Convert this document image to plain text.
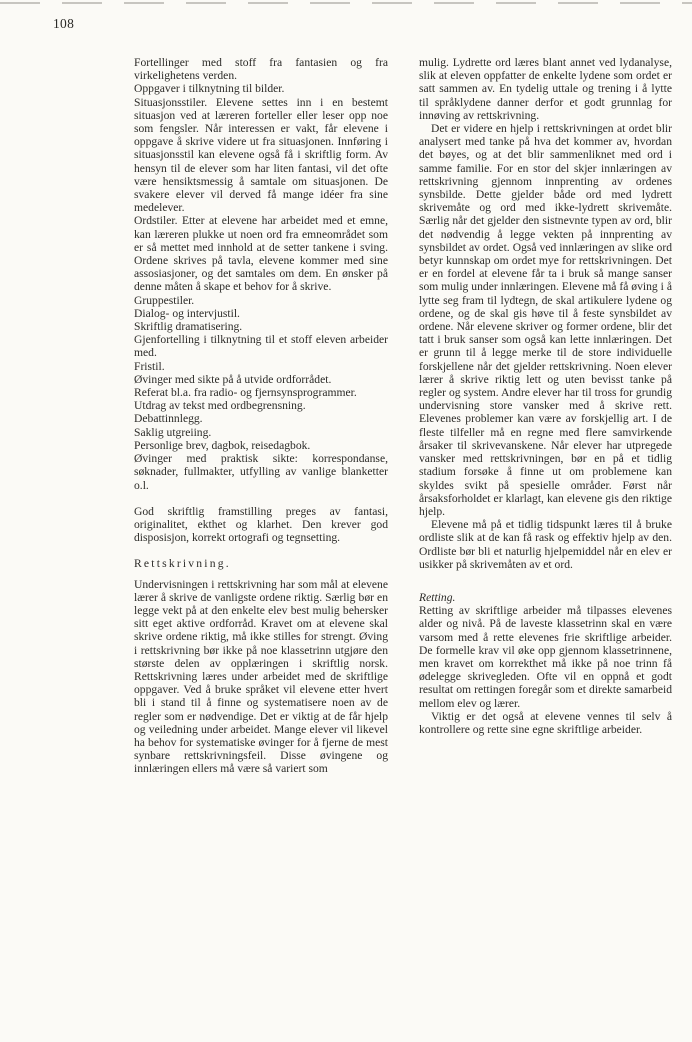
108

Fortellinger med stoff fra fantasien og fra virkelighetens verden.

Oppgaver i tilknytning til bilder.

Situasjonsstiler. Elevene settes inn i en bestemt situasjon ved at læreren forteller eller leser opp noe som fengsler. Når interessen er vakt, får elevene i oppgave å skrive videre ut fra situasjonen. Innføring i situasjonsstil kan elevene også få i skriftlig form. Av hensyn til de elever som har liten fantasi, vil det ofte være hensiktsmessig å samtale om situasjonen. De svakere elever vil derved få mange idéer fra sine medelever.

Ordstiler. Etter at elevene har arbeidet med et emne, kan læreren plukke ut noen ord fra emneområdet som er så mettet med innhold at de setter tankene i sving. Ordene skrives på tavla, elevene kommer med sine assosiasjoner, og det samtales om dem. En ønsker på denne måten å skape et behov for å skrive.

Gruppestiler.

Dialog- og intervjustil.

Skriftlig dramatisering.

Gjenfortelling i tilknytning til et stoff eleven arbeider med.

Fristil.

Øvinger med sikte på å utvide ordforrådet.

Referat bl.a. fra radio- og fjernsynsprogrammer.

Utdrag av tekst med ordbegrensning.

Debattinnlegg.

Saklig utgreiing.

Personlige brev, dagbok, reisedagbok.

Øvinger med praktisk sikte: korrespondanse, søknader, fullmakter, utfylling av vanlige blanketter o.l.

God skriftlig framstilling preges av fantasi, originalitet, ekthet og klarhet. Den krever god disposisjon, korrekt ortografi og tegnsetting.

Rettskrivning.

Undervisningen i rettskrivning har som mål at elevene lærer å skrive de vanligste ordene riktig. Særlig bør en legge vekt på at den enkelte elev best mulig behersker sitt eget aktive ordforråd. Kravet om at elevene skal skrive ordene riktig, må ikke stilles for strengt. Øving i rettskrivning bør ikke på noe klassetrinn utgjøre den største delen av opplæringen i skriftlig norsk. Rettskrivning læres under arbeidet med de skriftlige oppgaver. Ved å bruke språket vil elevene etter hvert bli i stand til å finne og systematisere noen av de regler som er nødvendige. Det er viktig at de får hjelp og veiledning under arbeidet. Mange elever vil likevel ha behov for systematiske øvinger for å fjerne de mest synbare rettskrivningsfeil. Disse øvingene og innlæringen ellers må være så variert som

mulig. Lydrette ord læres blant annet ved lydanalyse, slik at eleven oppfatter de enkelte lydene som ordet er satt sammen av. En tydelig uttale og trening i å lytte til språklydene danner derfor et godt grunnlag for innøving av rettskrivning.

Det er videre en hjelp i rettskrivningen at ordet blir analysert med tanke på hva det kommer av, hvordan det bøyes, og at det blir sammenliknet med ord i samme familie. For en stor del skjer innlæringen av rettskrivning gjennom innprenting av ordenes synsbilde. Dette gjelder både ord med lydrett skrivemåte og ord med ikke-lydrett skrivemåte. Særlig når det gjelder den sistnevnte typen av ord, blir det nødvendig å legge vekten på innprenting av synsbildet av ordet. Også ved innlæringen av slike ord betyr kunnskap om ordet mye for rettskrivningen. Det er en fordel at elevene får ta i bruk så mange sanser som mulig under innlæringen. Elevene må få øving i å lytte seg fram til lydtegn, de skal artikulere lydene og ordene, og de skal gis høve til å feste synsbildet av ordene. Når elevene skriver og former ordene, blir det tatt i bruk sanser som også kan lette innlæringen. Det er grunn til å legge merke til de store individuelle forskjellene når det gjelder rettskrivning. Noen elever lærer å skrive riktig lett og uten bevisst tanke på regler og system. Andre elever har til tross for grundig undervisning store vansker med å skrive rett. Elevenes problemer kan være av forskjellig art. I de fleste tilfeller må en regne med flere samvirkende årsaker til skrivevanskene. Når elever har utpregede vansker med rettskrivningen, bør en på et tidlig stadium forsøke å finne ut om problemene kan skyldes svikt på spesielle områder. Først når årsaksforholdet er klarlagt, kan elevene gis den riktige hjelp.

Elevene må på et tidlig tidspunkt læres til å bruke ordliste slik at de kan få rask og effektiv hjelp av den. Ordliste bør bli et naturlig hjelpemiddel når en elev er usikker på skrivemåten av et ord.

Retting.

Retting av skriftlige arbeider må tilpasses elevenes alder og nivå. På de laveste klassetrinn skal en være varsom med å rette elevenes frie skriftlige arbeider. De formelle krav vil øke opp gjennom klassetrinnene, men kravet om korrekthet må ikke på noe trinn få ødelegge skrivegleden. Ofte vil en oppnå et godt resultat om rettingen foregår som et direkte samarbeid mellom elev og lærer.

Viktig er det også at elevene vennes til selv å kontrollere og rette sine egne skriftlige arbeider.
